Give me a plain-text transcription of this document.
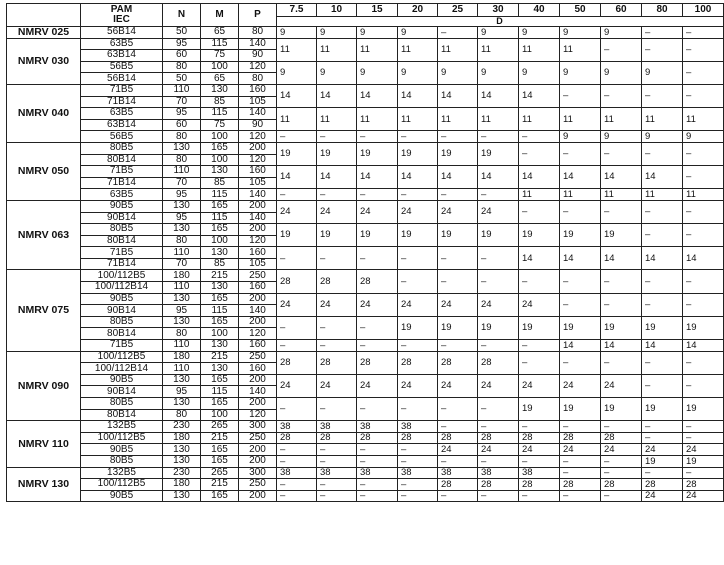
	PAM
IEC	N	M	P	7.5	10	15	20	25	30	40	50	60	80	100
					D										
NMRV 025	56B14	50	65	80	9	9	9	9	–	9	9	9	9	–	–
NMRV 030	63B5	95	115	140	11	11	11	11	11	11	11	11	–	–	–
	63B14	60	75	90											
	56B5	80	100	120	9	9	9	9	9	9	9	9	9	9	–
	56B14	50	65	80											
NMRV 040	71B5	110	130	160	14	14	14	14	14	14	14	–	–	–	–
	71B14	70	85	105											
	63B5	95	115	140	11	11	11	11	11	11	11	11	11	11	11
	63B14	60	75	90											
	56B5	80	100	120	–	–	–	–	–	–	–	9	9	9	9
NMRV 050	80B5	130	165	200	19	19	19	19	19	19	–	–	–	–	–
	80B14	80	100	120											
	71B5	110	130	160	14	14	14	14	14	14	14	14	14	14	–
	71B14	70	85	105											
	63B5	95	115	140	–	–	–	–	–	–	11	11	11	11	11
NMRV 063	90B5	130	165	200	24	24	24	24	24	24	–	–	–	–	–
	90B14	95	115	140											
	80B5	130	165	200	19	19	19	19	19	19	19	19	19	–	–
	80B14	80	100	120											
	71B5	110	130	160	–	–	–	–	–	–	14	14	14	14	14
	71B14	70	85	105											
NMRV 075	100/112B5	180	215	250	28	28	28	–	–	–	–	–	–	–	–
	100/112B14	110	130	160											
	90B5	130	165	200	24	24	24	24	24	24	24	–	–	–	–
	90B14	95	115	140											
	80B5	130	165	200	–	–	–	19	19	19	19	19	19	19	19
	80B14	80	100	120											
	71B5	110	130	160	–	–	–	–	–	–	–	14	14	14	14
NMRV 090	100/112B5	180	215	250	28	28	28	28	28	28	–	–	–	–	–
	100/112B14	110	130	160											
	90B5	130	165	200	24	24	24	24	24	24	24	24	24	–	–
	90B14	95	115	140											
	80B5	130	165	200	–	–	–	–	–	–	19	19	19	19	19
	80B14	80	100	120											
NMRV 110	132B5	230	265	300	38	38	38	38	–	–	–	–	–	–	–
	100/112B5	180	215	250	28	28	28	28	28	28	28	28	28	–	–
	90B5	130	165	200	–	–	–	–	24	24	24	24	24	24	24
	80B5	130	165	200	–	–	–	–	–	–	–	–	–	19	19
NMRV 130	132B5	230	265	300	38	38	38	38	38	38	38	–	–	–	–
	100/112B5	180	215	250	–	–	–	–	28	28	28	28	28	28	28
	90B5	130	165	200	–	–	–	–	–	–	–	–	–	24	24
